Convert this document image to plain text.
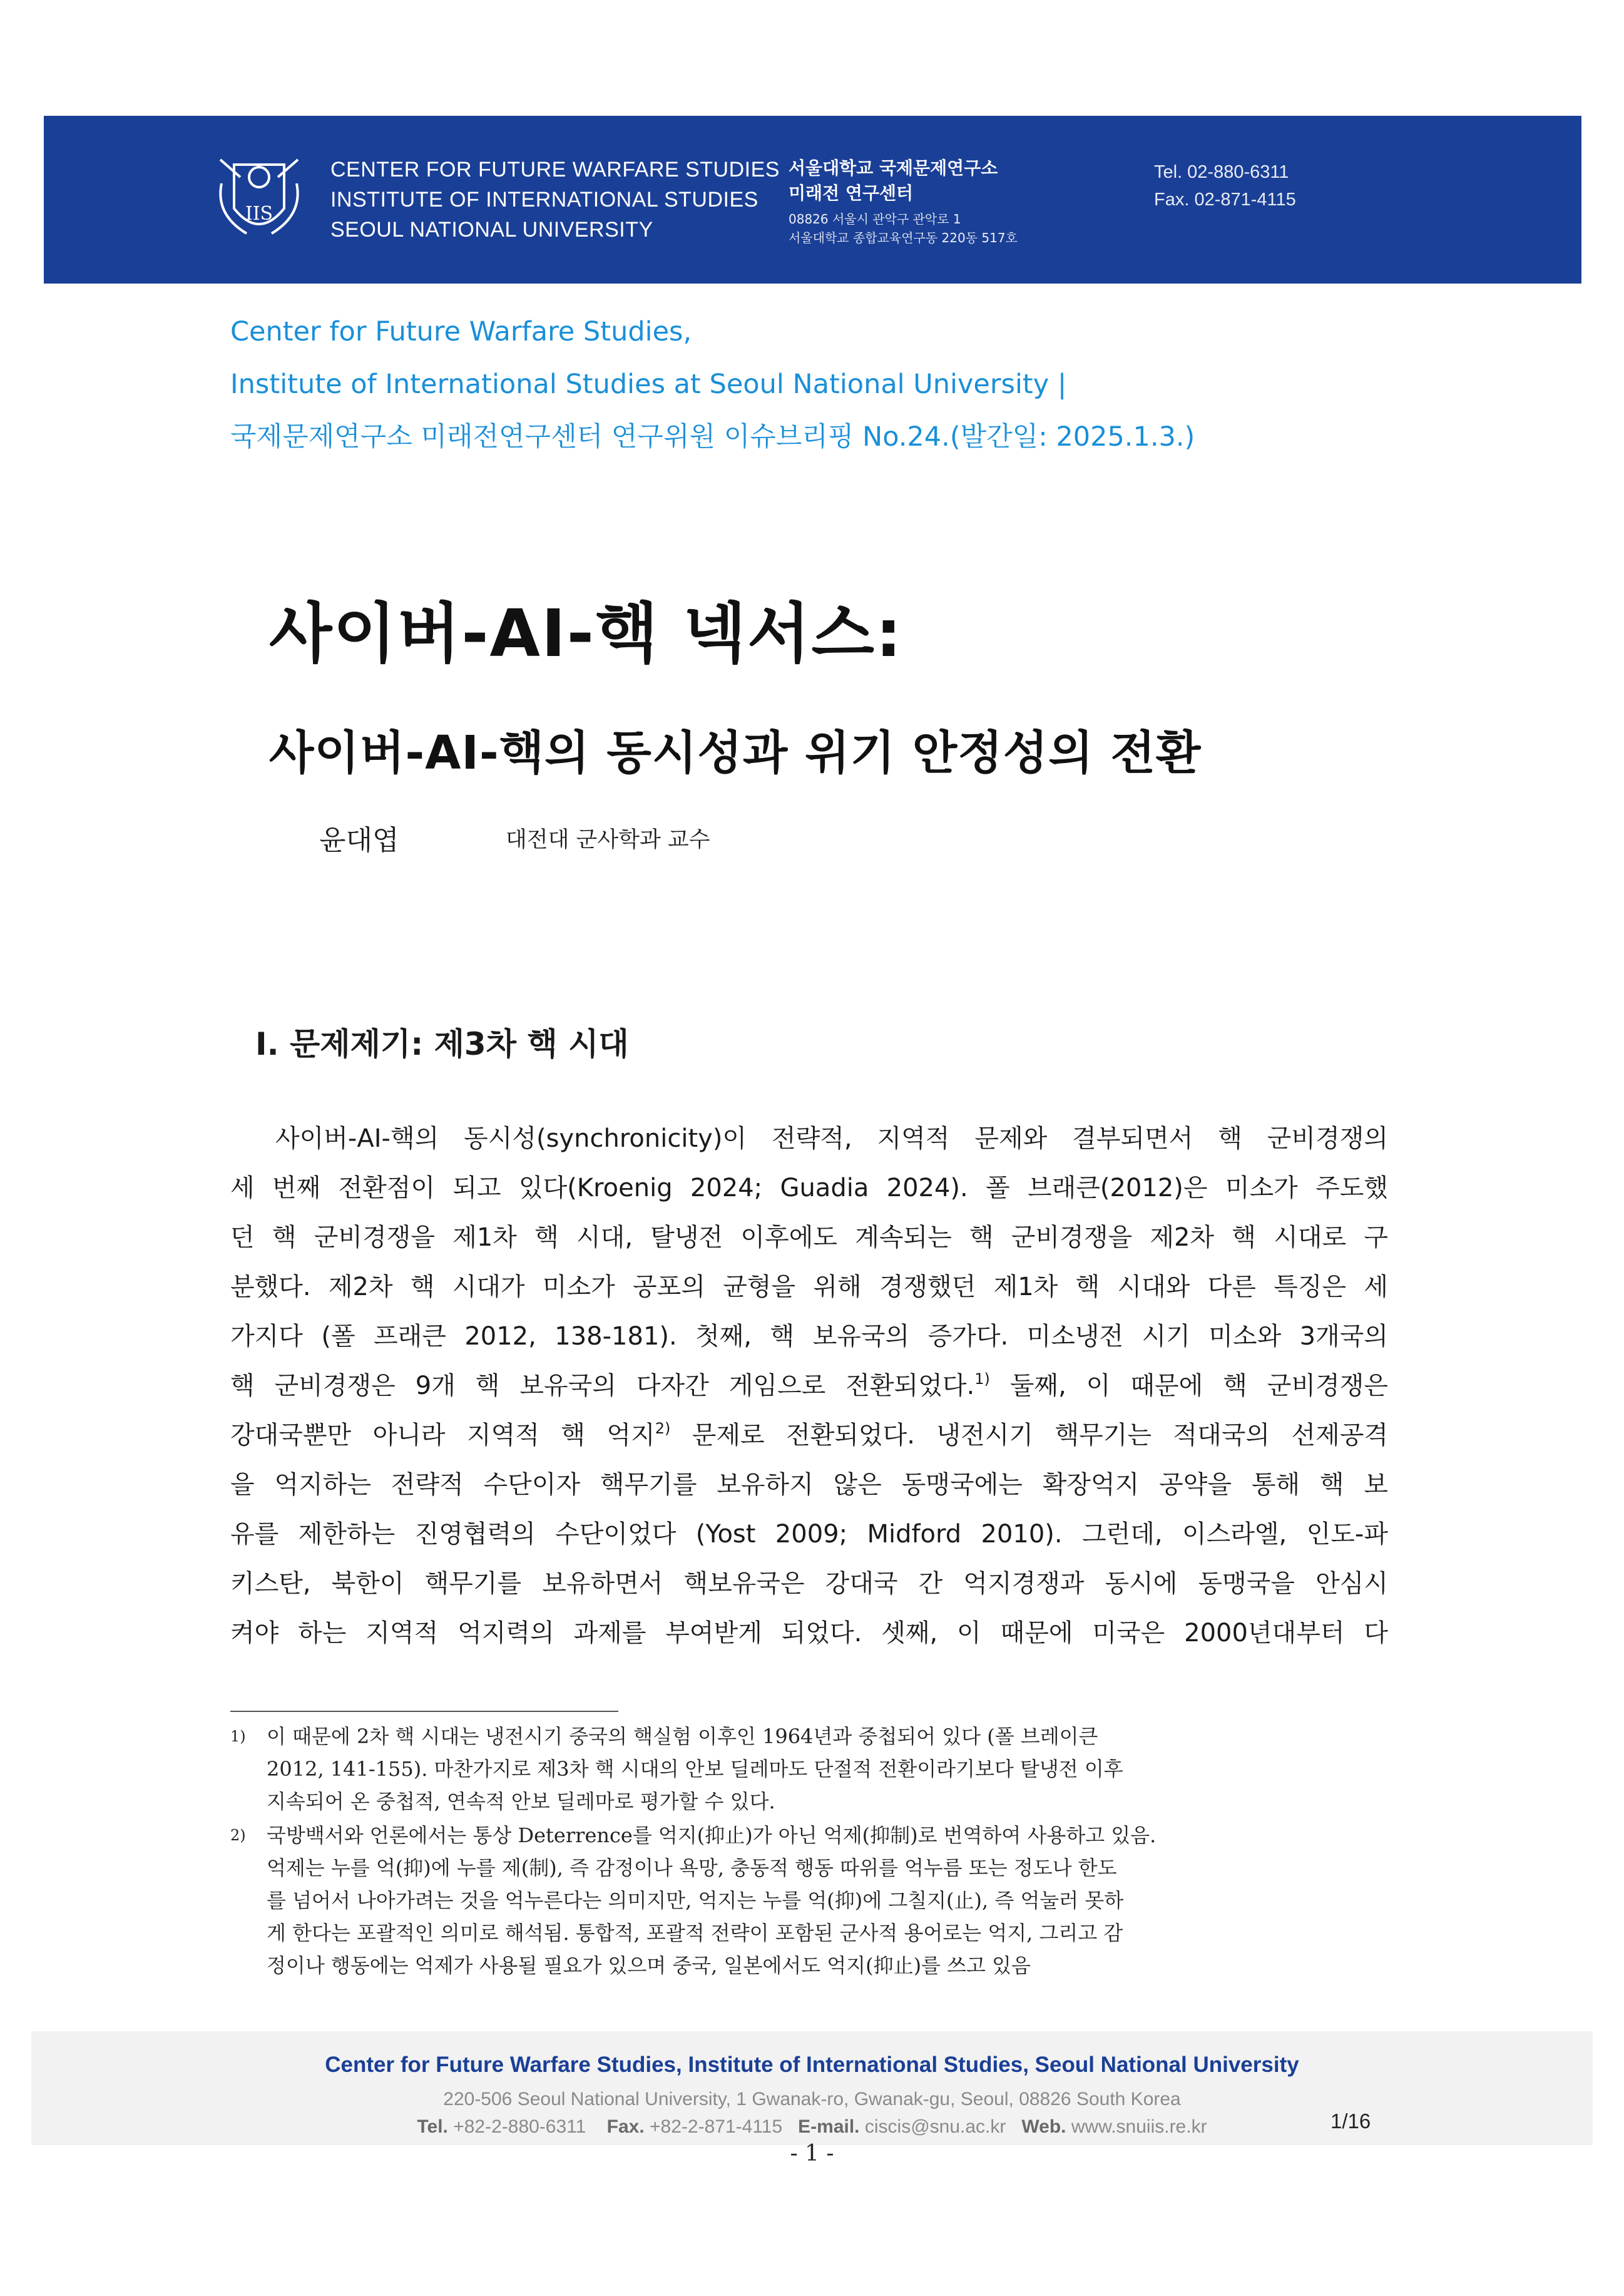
IIS
CENTER FOR FUTURE WARFARE STUDIES
INSTITUTE OF INTERNATIONAL STUDIES
SEOUL NATIONAL UNIVERSITY
서울대학교 국제문제연구소
미래전 연구센터
08826 서울시 관악구 관악로 1
서울대학교 종합교육연구동 220동 517호
Tel. 02-880-6311
Fax. 02-871-4115
Center for Future Warfare Studies,
Institute of International Studies at Seoul National University |
국제문제연구소 미래전연구센터 연구위원 이슈브리핑 No.24.(발간일: 2025.1.3.)
사이버-AI-핵 넥서스:
사이버-AI-핵의 동시성과 위기 안정성의 전환
윤대엽	대전대 군사학과 교수
I. 문제제기: 제3차 핵 시대
사이버-AI-핵의 동시성(synchronicity)이 전략적, 지역적 문제와 결부되면서 핵 군비경쟁의
세 번째 전환점이 되고 있다(Kroenig 2024; Guadia 2024). 폴 브래큰(2012)은 미소가 주도했
던 핵 군비경쟁을 제1차 핵 시대, 탈냉전 이후에도 계속되는 핵 군비경쟁을 제2차 핵 시대로 구
분했다. 제2차 핵 시대가 미소가 공포의 균형을 위해 경쟁했던 제1차 핵 시대와 다른 특징은 세
가지다 (폴 프래큰 2012, 138-181). 첫째, 핵 보유국의 증가다. 미소냉전 시기 미소와 3개국의
핵 군비경쟁은 9개 핵 보유국의 다자간 게임으로 전환되었다.$^{1)}$ 둘째, 이 때문에 핵 군비경쟁은
강대국뿐만 아니라 지역적 핵 억지$^{2)}$ 문제로 전환되었다. 냉전시기 핵무기는 적대국의 선제공격
을 억지하는 전략적 수단이자 핵무기를 보유하지 않은 동맹국에는 확장억지 공약을 통해 핵 보
유를 제한하는 진영협력의 수단이었다 (Yost 2009; Midford 2010). 그런데, 이스라엘, 인도-파
키스탄, 북한이 핵무기를 보유하면서 핵보유국은 강대국 간 억지경쟁과 동시에 동맹국을 안심시
켜야 하는 지역적 억지력의 과제를 부여받게 되었다. 셋째, 이 때문에 미국은 2000년대부터 다
1) 이 때문에 2차 핵 시대는 냉전시기 중국의 핵실험 이후인 1964년과 중첩되어 있다 (폴 브레이큰
2012, 141-155). 마찬가지로 제3차 핵 시대의 안보 딜레마도 단절적 전환이라기보다 탈냉전 이후
지속되어 온 중첩적, 연속적 안보 딜레마로 평가할 수 있다.
2) 국방백서와 언론에서는 통상 Deterrence를 억지(抑止)가 아닌 억제(抑制)로 번역하여 사용하고 있음.
억제는 누를 억(抑)에 누를 제(制), 즉 감정이나 욕망, 충동적 행동 따위를 억누름 또는 정도나 한도
를 넘어서 나아가려는 것을 억누른다는 의미지만, 억지는 누를 억(抑)에 그칠지(止), 즉 억눌러 못하
게 한다는 포괄적인 의미로 해석됨. 통합적, 포괄적 전략이 포함된 군사적 용어로는 억지, 그리고 감
정이나 행동에는 억제가 사용될 필요가 있으며 중국, 일본에서도 억지(抑止)를 쓰고 있음
Center for Future Warfare Studies, Institute of International Studies, Seoul National University
220-506 Seoul National University, 1 Gwanak-ro, Gwanak-gu, Seoul, 08826 South Korea
Tel. +82-2-880-6311 Fax. +82-2-871-4115 E-mail. ciscis@snu.ac.kr Web. www.snuiis.re.kr	1/16
- 1 -
